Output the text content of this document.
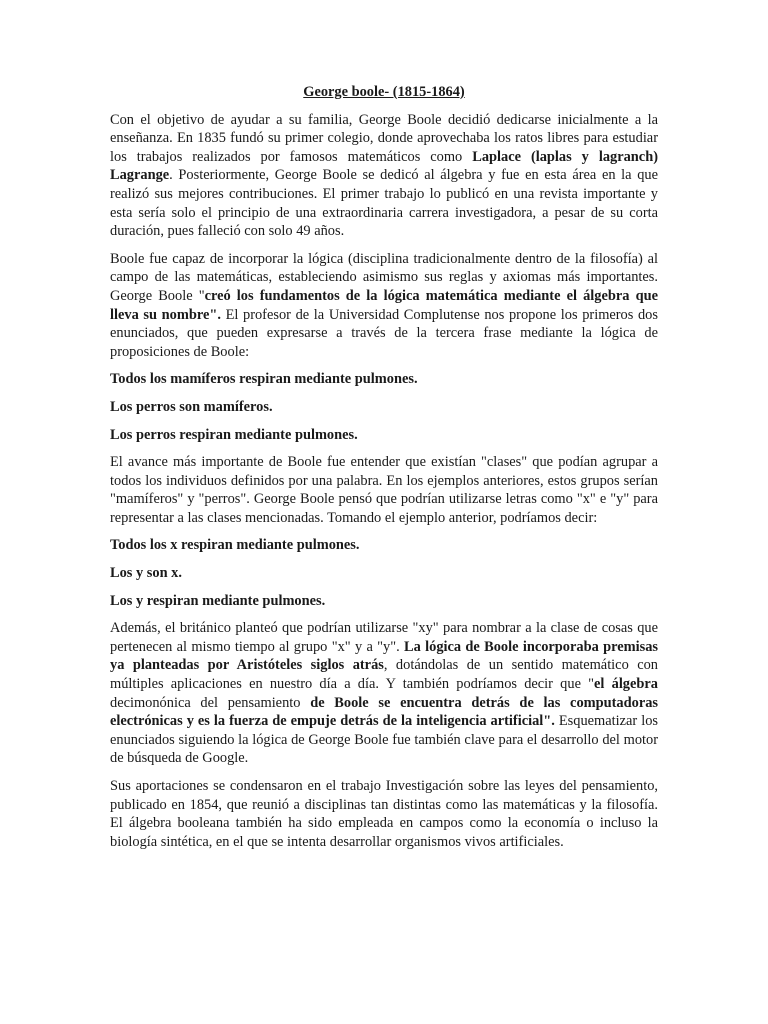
George boole- (1815-1864)

Con el objetivo de ayudar a su familia, George Boole decidió dedicarse inicialmente a la enseñanza. En 1835 fundó su primer colegio, donde aprovechaba los ratos libres para estudiar los trabajos realizados por famosos matemáticos como Laplace (laplas y lagranch) Lagrange. Posteriormente, George Boole se dedicó al álgebra y fue en esta área en la que realizó sus mejores contribuciones. El primer trabajo lo publicó en una revista importante y esta sería solo el principio de una extraordinaria carrera investigadora, a pesar de su corta duración, pues falleció con solo 49 años.

Boole fue capaz de incorporar la lógica (disciplina tradicionalmente dentro de la filosofía) al campo de las matemáticas, estableciendo asimismo sus reglas y axiomas más importantes. George Boole "creó los fundamentos de la lógica matemática mediante el álgebra que lleva su nombre". El profesor de la Universidad Complutense nos propone los primeros dos enunciados, que pueden expresarse a través de la tercera frase mediante la lógica de proposiciones de Boole:

Todos los mamíferos respiran mediante pulmones.

Los perros son mamíferos.

Los perros respiran mediante pulmones.

El avance más importante de Boole fue entender que existían "clases" que podían agrupar a todos los individuos definidos por una palabra. En los ejemplos anteriores, estos grupos serían "mamíferos" y "perros". George Boole pensó que podrían utilizarse letras como "x" e "y" para representar a las clases mencionadas. Tomando el ejemplo anterior, podríamos decir:

Todos los x respiran mediante pulmones.

Los y son x.

Los y respiran mediante pulmones.

Además, el británico planteó que podrían utilizarse "xy" para nombrar a la clase de cosas que pertenecen al mismo tiempo al grupo "x" y a "y". La lógica de Boole incorporaba premisas ya planteadas por Aristóteles siglos atrás, dotándolas de un sentido matemático con múltiples aplicaciones en nuestro día a día. Y también podríamos decir que "el álgebra decimonónica del pensamiento de Boole se encuentra detrás de las computadoras electrónicas y es la fuerza de empuje detrás de la inteligencia artificial". Esquematizar los enunciados siguiendo la lógica de George Boole fue también clave para el desarrollo del motor de búsqueda de Google.

Sus aportaciones se condensaron en el trabajo Investigación sobre las leyes del pensamiento, publicado en 1854, que reunió a disciplinas tan distintas como las matemáticas y la filosofía. El álgebra booleana también ha sido empleada en campos como la economía o incluso la biología sintética, en el que se intenta desarrollar organismos vivos artificiales.
